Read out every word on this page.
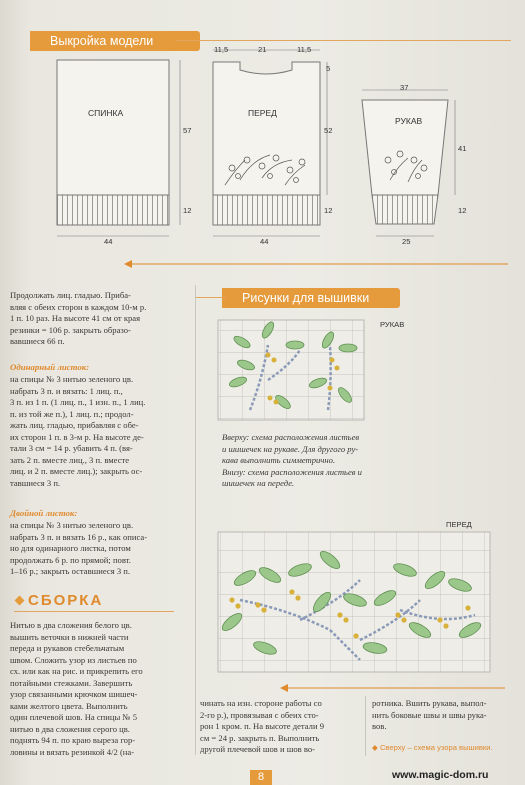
Выкройка модели
СПИНКА
57
12
44
ПЕРЕД
11,5	21	11,5
5
52
12
44
РУКАВ
37
41
12
25
Продолжать лиц. гладью. Приба-
вляя с обеих сторон в каждом 10-м р.
1 п. 10 раз. На высоте 41 см от края
резинки = 106 р. закрыть образо-
вавшиеся 66 п.
Одинарный листок:
на спицы № 3 нитью зеленого цв.
набрать 3 п. и вязать: 1 лиц. п.,
3 п. из 1 п. (1 лиц. п., 1 изн. п., 1 лиц.
п. из той же п.), 1 лиц. п.; продол-
жать лиц. гладью, прибавляя с обе-
их сторон 1 п. в 3-м р. На высоте де-
тали 3 см = 14 р. убавить 4 п. (вя-
зать 2 п. вместе лиц., 3 п. вместе
лиц. и 2 п. вместе лиц.); закрыть ос-
тавшиеся 3 п.
Двойной листок:
на спицы № 3 нитью зеленого цв.
набрать 3 п. и вязать 16 р., как описа-
но для одинарного листка, потом
продолжать 6 р. по прямой; повт.
1–16 р.; закрыть оставшиеся 3 п.
СБОРКА
Нитью в два сложения белого цв.
вышить веточки в нижней части
переда и рукавов стебельчатым
швом. Сложить узор из листьев по
сх. или как на рис. и прикрепить его
потайными стежками. Завершить
узор связанными крючком шишеч-
ками желтого цвета. Выполнить
один плечевой шов. На спицы № 5
нитью в два сложения серого цв.
поднять 94 п. по краю выреза гор-
ловины и вязать резинкой 4/2 (на-
Рисунки для вышивки
РУКАВ
ПЕРЕД
Вверху: схема расположения листьев
и шишечек на рукаве. Для другого ру-
кава выполнить симметрично.
Внизу: схема расположения листьев и
шишечек на переде.
чинать на изн. стороне работы со
2-го р.), провязывая с обеих сто-
рон 1 кром. п. На высоте детали 9
см = 24 р. закрыть п. Выполнить
другой плечевой шов и шов во-
ротника. Вшить рукава, выпол-
нить боковые швы и швы рука-
вов.
◆ Сверху – схема узора вышивки.
8	www.magic-dom.ru
